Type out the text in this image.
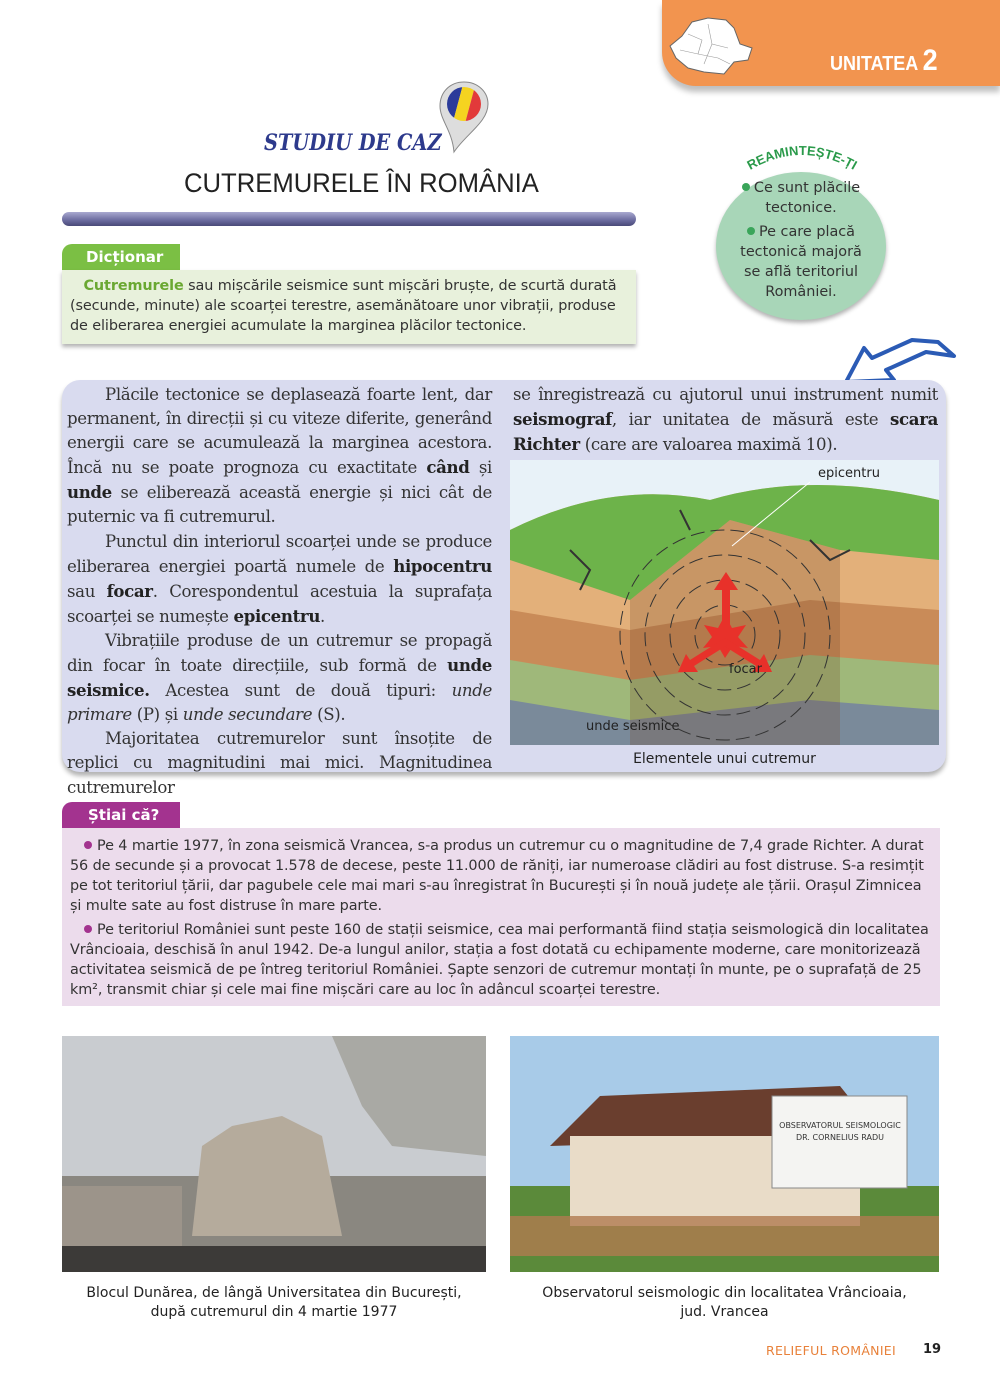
UNITATEA 2
STUDIU DE CAZ
CUTREMURELE ÎN ROMÂNIA
Dicționar
Cutremurele sau mișcările seismice sunt mișcări bruște, de scurtă durată (secunde, minute) ale scoarței terestre, asemănătoare unor vibrații, produse de eliberarea energiei acumulate la marginea plăcilor tectonice.
REAMINTEȘTE-ȚI
Ce sunt plăcile tectonice.
Pe care placă tectonică majoră se află teritoriul României.

Plăcile tectonice se deplasează foarte lent, dar permanent, în direcții și cu viteze diferite, generând energii care se acumulează la marginea acestora. Încă nu se poate prognoza cu exactitate când și unde se eliberează această energie și nici cât de puternic va fi cutremurul.

Punctul din interiorul scoarței unde se produce eliberarea energiei poartă numele de hipocentru sau focar. Corespondentul acestuia la suprafața scoarței se numește epicentru.

Vibrațiile produse de un cutremur se propagă din focar în toate direcțiile, sub formă de unde seismice. Acestea sunt de două tipuri: unde primare (P) și unde secundare (S).

Majoritatea cutremurelor sunt însoțite de replici cu magnitudini mai mici. Magnitudinea cutremurelor

se înregistrează cu ajutorul unui instrument numit seismograf, iar unitatea de măsură este scara Richter (care are valoarea maximă 10).

epicentru
focar
unde seismice
Elementele unui cutremur
Știai că?

Pe 4 martie 1977, în zona seismică Vrancea, s-a produs un cutremur cu o magnitudine de 7,4 grade Richter. A durat 56 de secunde și a provocat 1.578 de decese, peste 11.000 de răniți, iar numeroase clădiri au fost distruse. S-a resimțit pe tot teritoriul țării, dar pagubele cele mai mari s-au înregistrat în București și în nouă județe ale țării. Orașul Zimnicea și multe sate au fost distruse în mare parte.

Pe teritoriul României sunt peste 160 de stații seismice, cea mai performantă fiind stația seismologică din localitatea Vrâncioaia, deschisă în anul 1942. De-a lungul anilor, stația a fost dotată cu echipamente moderne, care monitorizează activitatea seismică de pe întreg teritoriul României. Șapte senzori de cutremur montați în munte, pe o suprafață de 25 km², transmit chiar și cele mai fine mișcări care au loc în adâncul scoarței terestre.

OBSERVATORUL SEISMOLOGIC
DR. CORNELIUS RADU
Blocul Dunărea, de lângă Universitatea din București,
după cutremurul din 4 martie 1977
Observatorul seismologic din localitatea Vrâncioaia,
jud. Vrancea
RELIEFUL ROMÂNIEI 19
